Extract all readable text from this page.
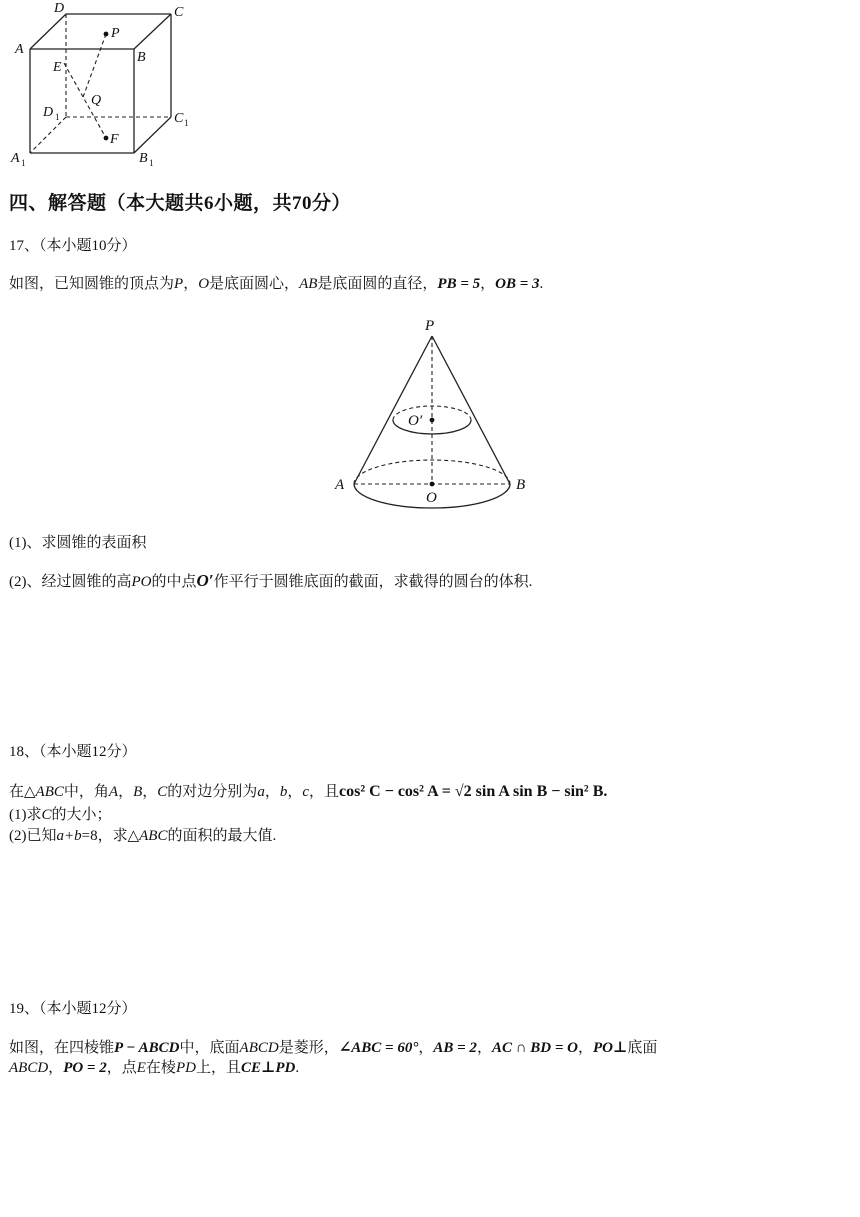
D	C
A
B
P
E
Q
D 1	C 1
F
A 1	B 1
四、解答题（本大题共6小题，共70分）
17、（本小题10分）
如图，已知圆锥的顶点为P，O是底面圆心，AB是底面圆的直径，PB = 5，OB = 3.
P
O′
A	B
O
(1)、求圆锥的表面积
(2)、经过圆锥的高PO的中点O′作平行于圆锥底面的截面，求截得的圆台的体积.
18、（本小题12分）
在△ABC中，角A，B，C的对边分别为a，b，c，且cos² C − cos² A = √2 sin A sin B − sin² B.
(1)求C的大小；
(2)已知a+b=8，求△ABC的面积的最大值.
19、（本小题12分）
如图，在四棱锥P − ABCD中，底面ABCD是菱形，∠ABC = 60°，AB = 2，AC ∩ BD = O，PO⊥底面
ABCD，PO = 2，点E在棱PD上，且CE⊥PD.
